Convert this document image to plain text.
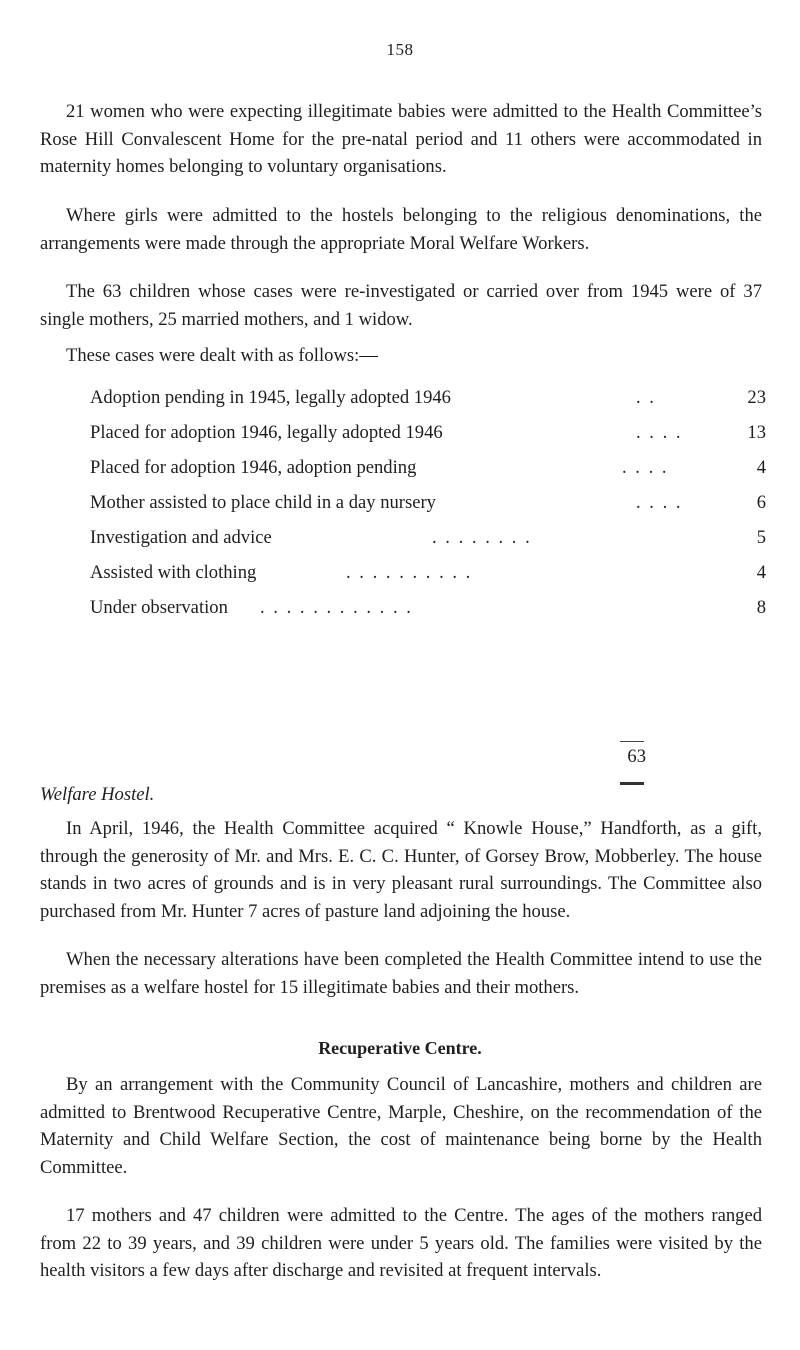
158

21 women who were expecting illegitimate babies were admitted to the Health Committee’s Rose Hill Convalescent Home for the pre-natal period and 11 others were accommodated in maternity homes belonging to voluntary organisations.

Where girls were admitted to the hostels belonging to the religious denominations, the arrangements were made through the appropriate Moral Welfare Workers.

The 63 children whose cases were re-investigated or carried over from 1945 were of 37 single mothers, 25 married mothers, and 1 widow.

These cases were dealt with as follows:—

Adoption pending in 1945, legally adopted 1946	. .	23
Placed for adoption 1946, legally adopted 1946	. . . .	13
Placed for adoption 1946, adoption pending	. . . .	4
Mother assisted to place child in a day nursery	. . . .	6
Investigation and advice	. . . . . . . .	5
Assisted with clothing	. . . . . . . . . .	4
Under observation . . . . . . . . . . . .	8
63

Welfare Hostel.

In April, 1946, the Health Committee acquired “ Knowle House,” Handforth, as a gift, through the generosity of Mr. and Mrs. E. C. C. Hunter, of Gorsey Brow, Mobberley. The house stands in two acres of grounds and is in very pleasant rural surroundings. The Committee also purchased from Mr. Hunter 7 acres of pasture land adjoining the house.

When the necessary alterations have been completed the Health Committee intend to use the premises as a welfare hostel for 15 illegitimate babies and their mothers.

Recuperative Centre.

By an arrangement with the Community Council of Lancashire, mothers and children are admitted to Brentwood Recuperative Centre, Marple, Cheshire, on the recommendation of the Maternity and Child Welfare Section, the cost of maintenance being borne by the Health Committee.

17 mothers and 47 children were admitted to the Centre. The ages of the mothers ranged from 22 to 39 years, and 39 children were under 5 years old. The families were visited by the health visitors a few days after discharge and revisited at frequent intervals.
